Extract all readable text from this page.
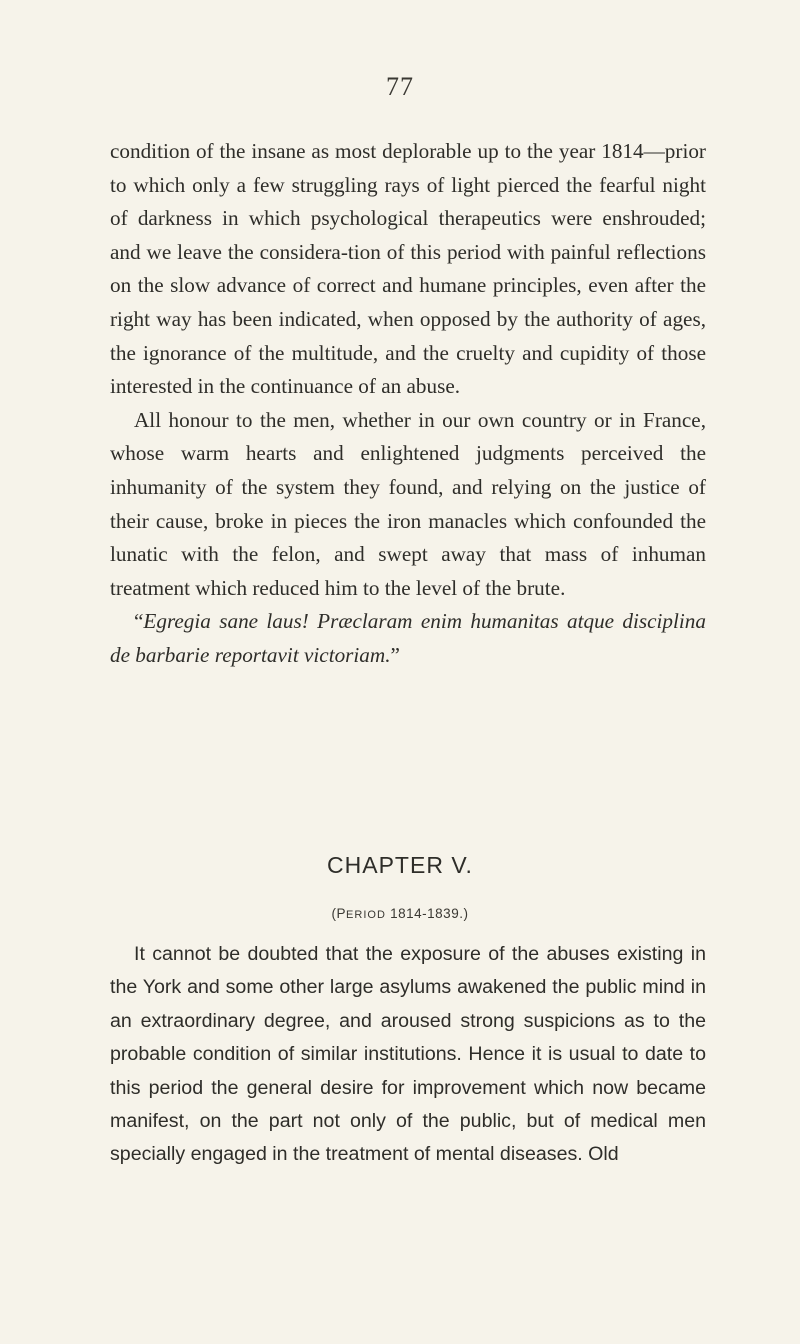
77

condition of the insane as most deplorable up to the year 1814—prior to which only a few struggling rays of light pierced the fearful night of darkness in which psychological therapeutics were enshrouded; and we leave the considera-tion of this period with painful reflections on the slow advance of correct and humane principles, even after the right way has been indicated, when opposed by the authority of ages, the ignorance of the multitude, and the cruelty and cupidity of those interested in the continuance of an abuse.

All honour to the men, whether in our own country or in France, whose warm hearts and enlightened judgments perceived the inhumanity of the system they found, and relying on the justice of their cause, broke in pieces the iron manacles which confounded the lunatic with the felon, and swept away that mass of inhuman treatment which reduced him to the level of the brute.

“Egregia sane laus! Præclaram enim humanitas atque disciplina de barbarie reportavit victoriam.”

CHAPTER V.
(PERIOD 1814-1839.)

It cannot be doubted that the exposure of the abuses existing in the York and some other large asylums awakened the public mind in an extraordinary degree, and aroused strong suspicions as to the probable condition of similar institutions. Hence it is usual to date to this period the general desire for improvement which now became manifest, on the part not only of the public, but of medical men specially engaged in the treatment of mental diseases. Old
